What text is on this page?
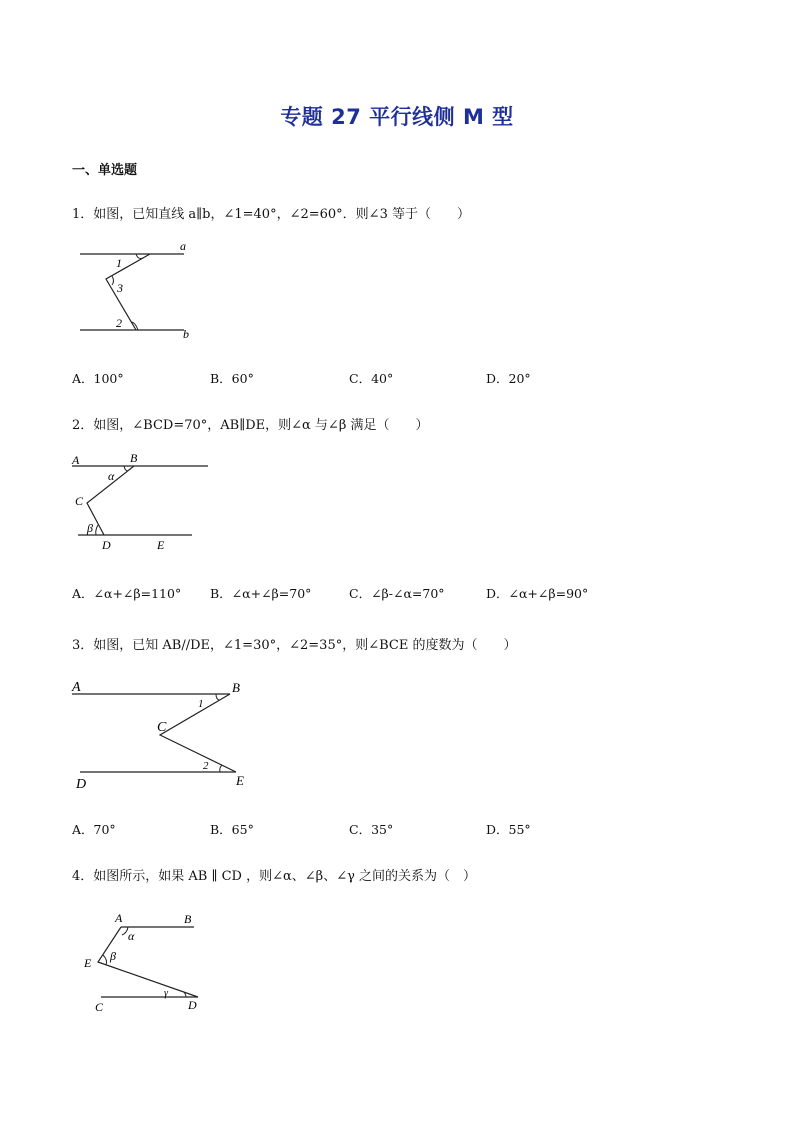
专题 27 平行线侧 M 型
一、单选题
1．如图，已知直线 a∥b，∠1=40°，∠2=60°．则∠3 等于（　　）
a
b
1
3
2
A．100°	B．60°	C．40°	D．20°
2．如图，∠BCD=70°，AB∥DE，则∠α 与∠β 满足（　　）
A	B
α
C
β
D	E
A．∠α+∠β=110° B．∠α+∠β=70°	C．∠β-∠α=70°	D．∠α+∠β=90°
3．如图，已知 AB//DE，∠1=30°，∠2=35°，则∠BCE 的度数为（　　）
A	B
1
C
2
D	E
A．70°	B．65°	C．35°	D．55°
4．如图所示，如果 AB ∥ CD ，则∠α、∠β、∠γ 之间的关系为（　）
A	B
α
β
E
γ
C	D
